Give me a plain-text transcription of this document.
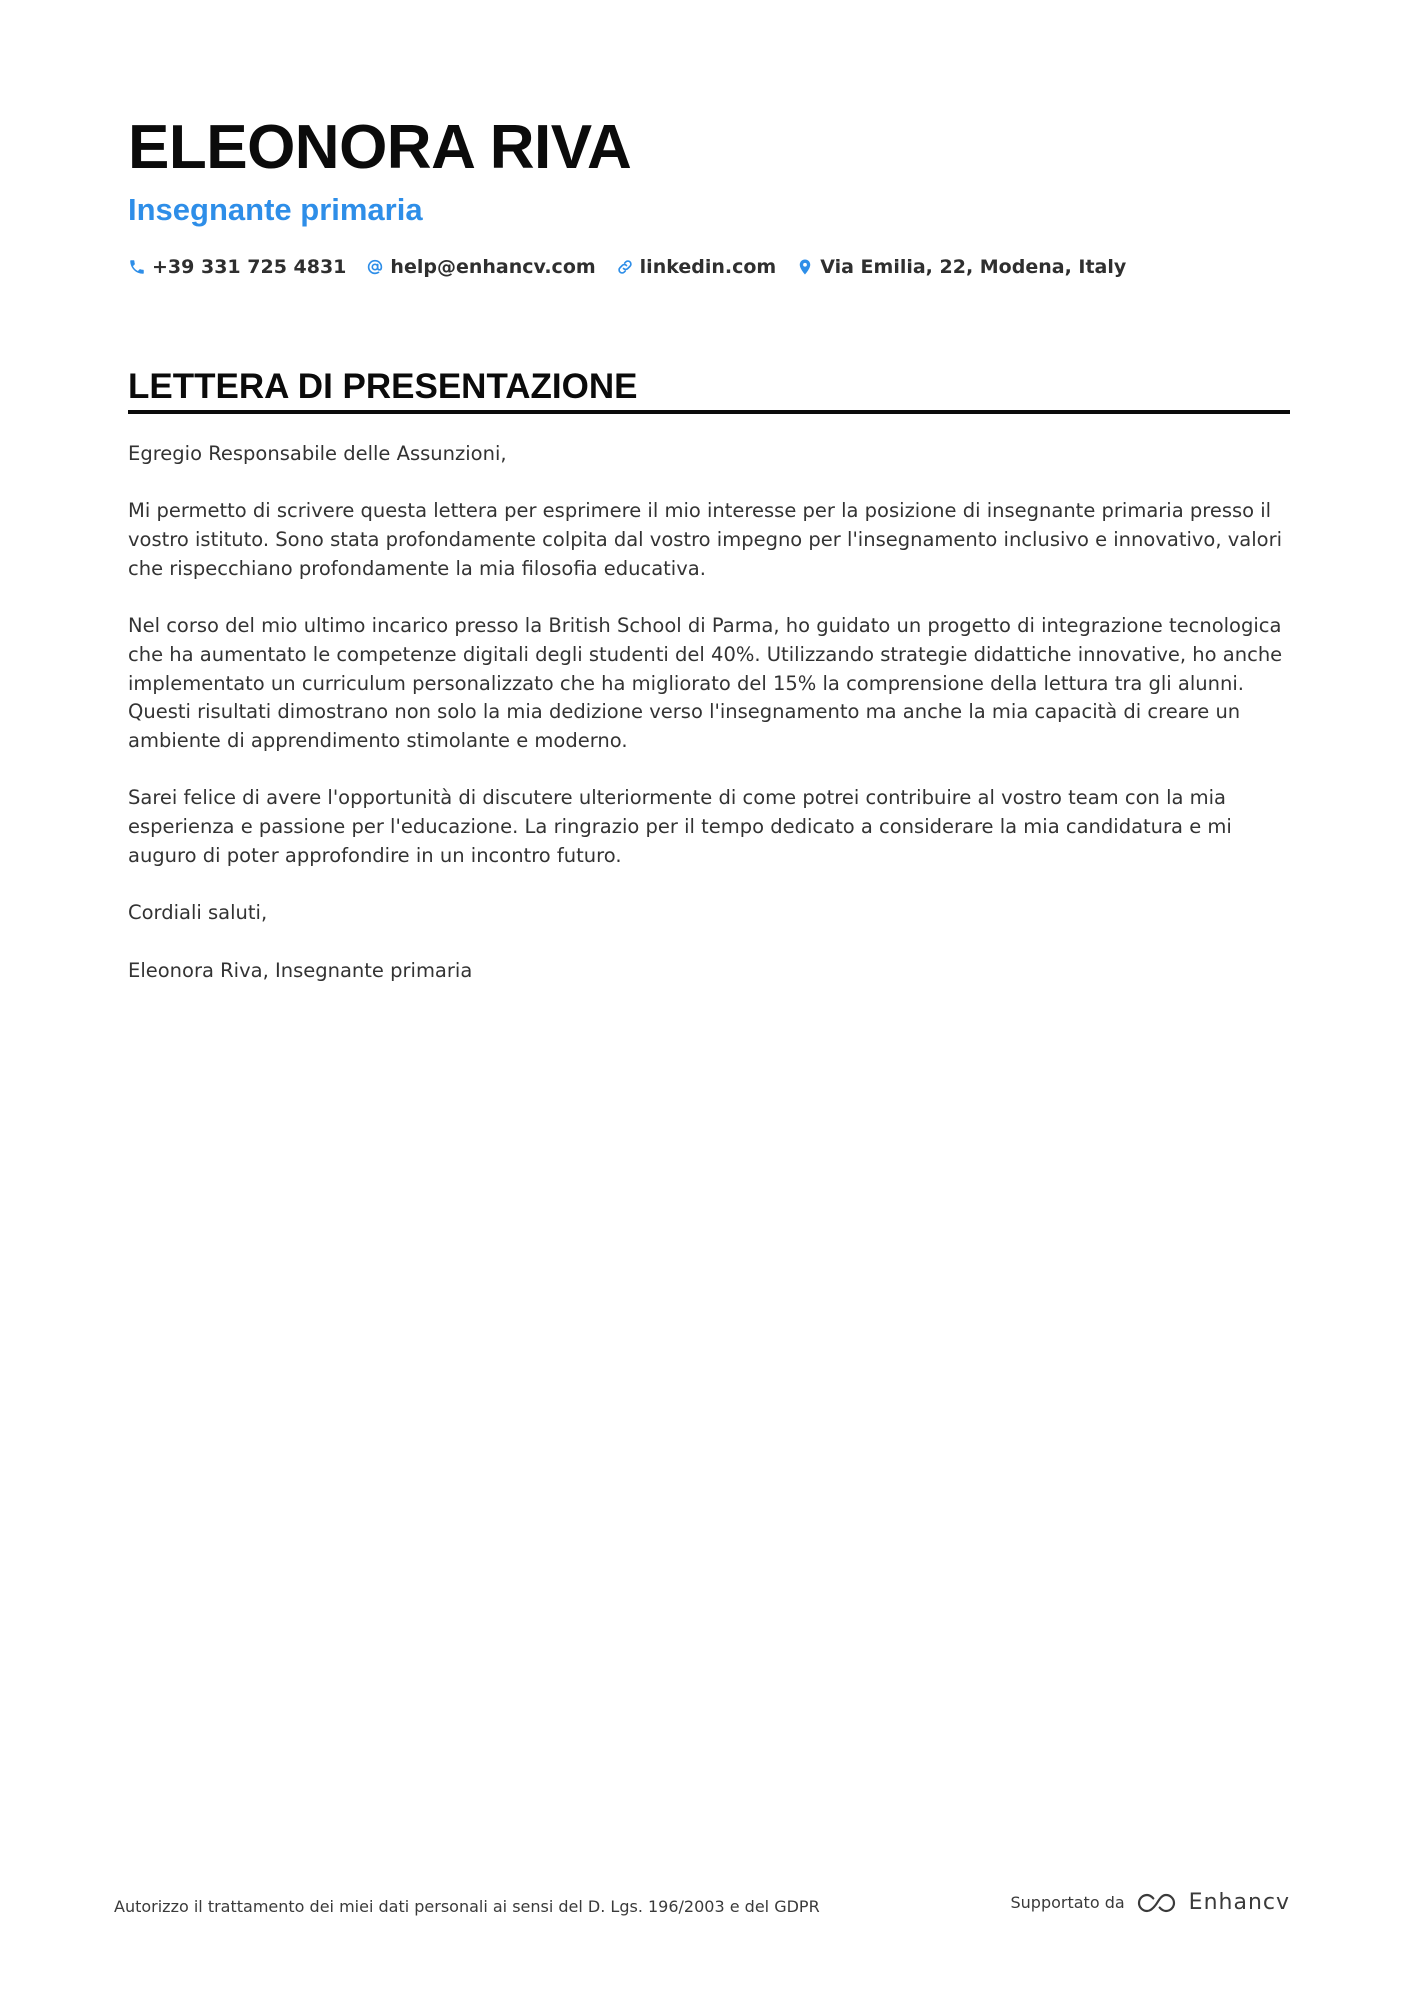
ELEONORA RIVA
Insegnante primaria
+39 331 725 4831 help@enhancv.com linkedin.com Via Emilia, 22, Modena, Italy
LETTERA DI PRESENTAZIONE

Egregio Responsabile delle Assunzioni,

Mi permetto di scrivere questa lettera per esprimere il mio interesse per la posizione di insegnante primaria presso il vostro istituto. Sono stata profondamente colpita dal vostro impegno per l'insegnamento inclusivo e innovativo, valori che rispecchiano profondamente la mia filosofia educativa.

Nel corso del mio ultimo incarico presso la British School di Parma, ho guidato un progetto di integrazione tecnologica che ha aumentato le competenze digitali degli studenti del 40%. Utilizzando strategie didattiche innovative, ho anche implementato un curriculum personalizzato che ha migliorato del 15% la comprensione della lettura tra gli alunni. Questi risultati dimostrano non solo la mia dedizione verso l'insegnamento ma anche la mia capacità di creare un ambiente di apprendimento stimolante e moderno.

Sarei felice di avere l'opportunità di discutere ulteriormente di come potrei contribuire al vostro team con la mia esperienza e passione per l'educazione. La ringrazio per il tempo dedicato a considerare la mia candidatura e mi auguro di poter approfondire in un incontro futuro.

Cordiali saluti,

Eleonora Riva, Insegnante primaria

Autorizzo il trattamento dei miei dati personali ai sensi del D. Lgs. 196/2003 e del GDPR	Supportato da	Enhancv
